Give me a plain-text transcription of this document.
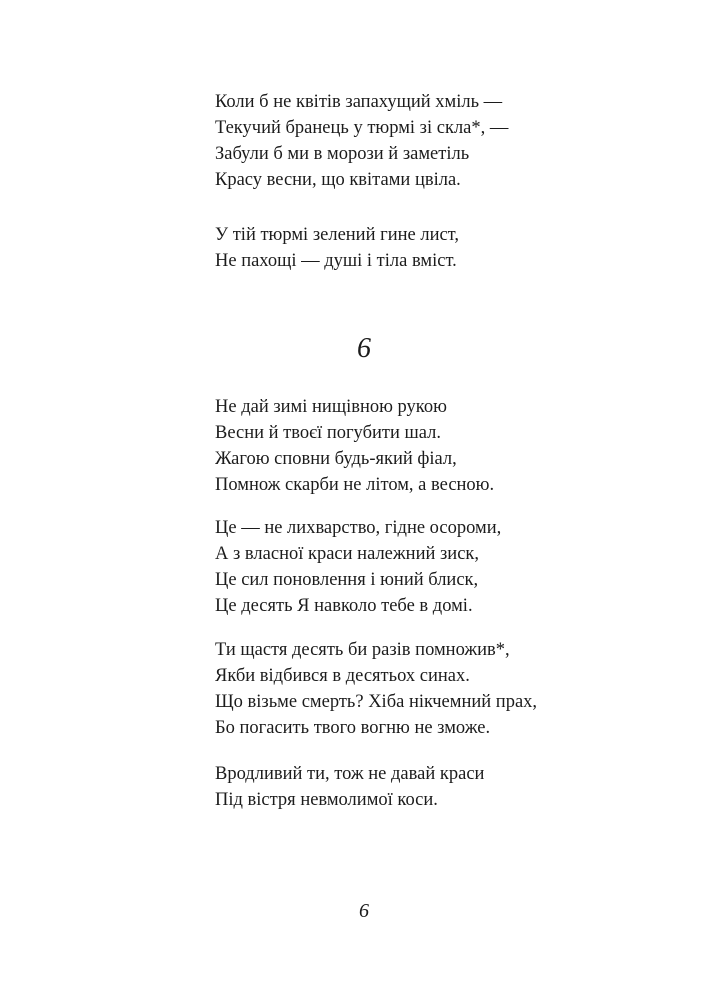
Коли б не квітів запахущий хміль —
Текучий бранець у тюрмі зі скла*, —
Забули б ми в морози й заметіль
Красу весни, що квітами цвіла.
У тій тюрмі зелений гине лист,
Не пахощі — душі і тіла вміст.
6
Не дай зимі нищівною рукою
Весни й твоєї погубити шал.
Жагою сповни будь-який фіал,
Помнож скарби не літом, а весною.
Це — не лихварство, гідне осороми,
А з власної краси належний зиск,
Це сил поновлення і юний блиск,
Це десять Я навколо тебе в домі.
Ти щастя десять би разів помножив*,
Якби відбився в десятьох синах.
Що візьме смерть? Хіба нікчемний прах,
Бо погасить твого вогню не зможе.
Вродливий ти, тож не давай краси
Під вістря невмолимої коси.
6
